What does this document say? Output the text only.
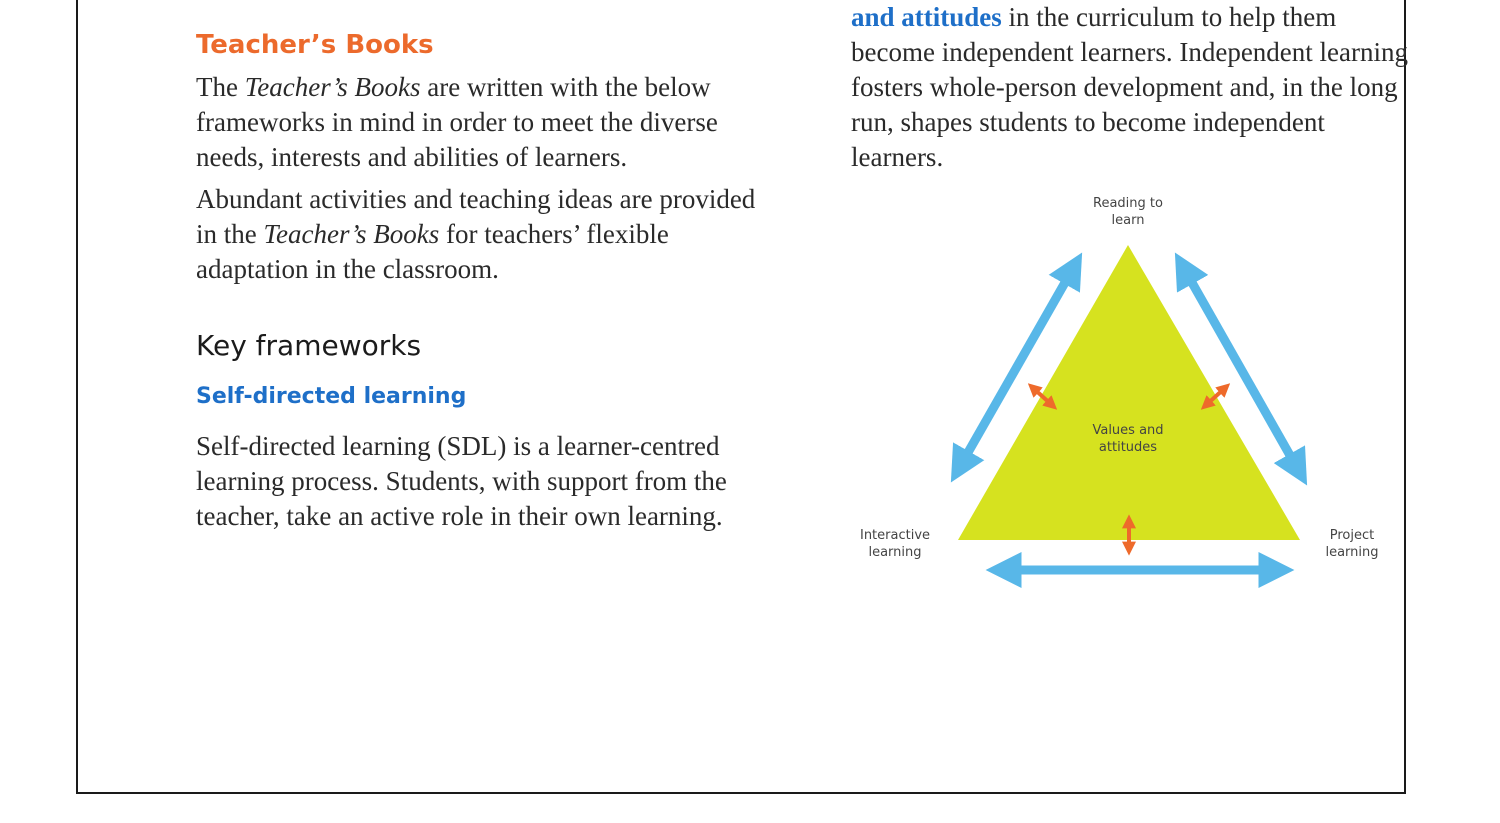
Teacher’s Books

The Teacher’s Books are written with the below frameworks in mind in order to meet the diverse needs, interests and abilities of learners.

Abundant activities and teaching ideas are provided in the Teacher’s Books for teachers’ flexible adaptation in the classroom.

Key frameworks
Self-directed learning

Self-directed learning (SDL) is a learner-centred learning process. Students, with support from the teacher, take an active role in their own learning.

and attitudes in the curriculum to help them become independent learners. Independent learning fosters whole-person development and, in the long run, shapes students to become independent learners.

Reading to learn
Values and attitudes
Interactive learning
Project learning
